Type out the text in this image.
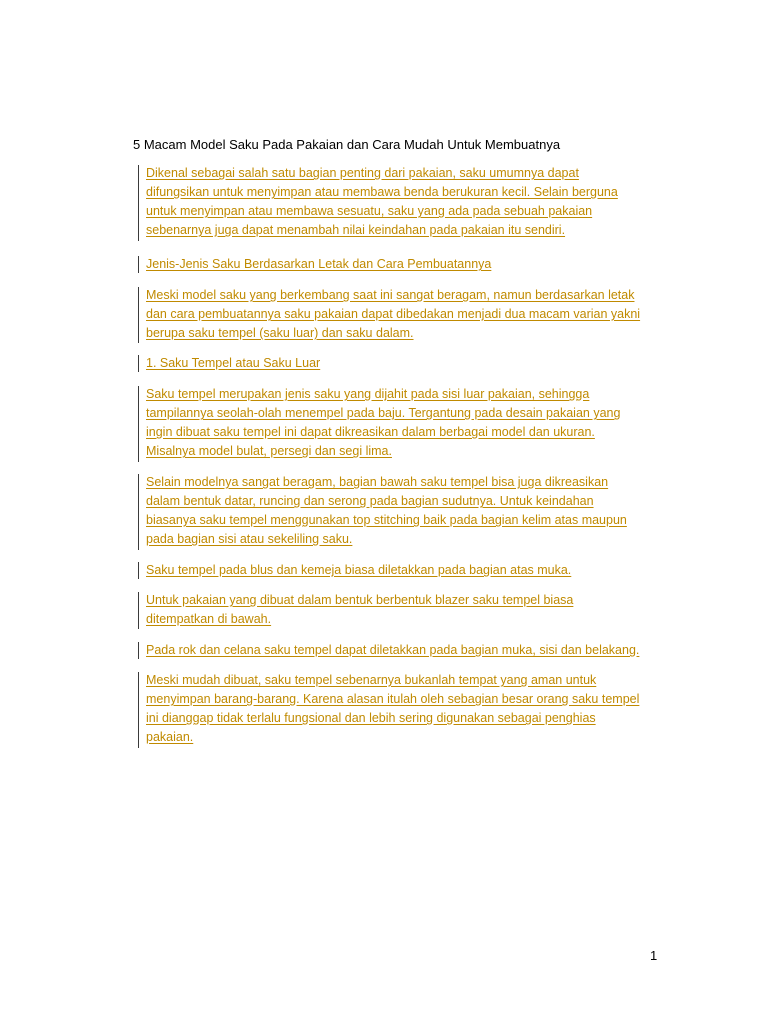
5 Macam Model Saku Pada Pakaian dan Cara Mudah Untuk Membuatnya
Dikenal sebagai salah satu bagian penting dari pakaian, saku umumnya dapat
difungsikan untuk menyimpan atau membawa benda berukuran kecil. Selain berguna
untuk menyimpan atau membawa sesuatu, saku yang ada pada sebuah pakaian
sebenarnya juga dapat menambah nilai keindahan pada pakaian itu sendiri.
Jenis-Jenis Saku Berdasarkan Letak dan Cara Pembuatannya
Meski model saku yang berkembang saat ini sangat beragam, namun berdasarkan letak
dan cara pembuatannya saku pakaian dapat dibedakan menjadi dua macam varian yakni
berupa saku tempel (saku luar) dan saku dalam.
1. Saku Tempel atau Saku Luar
Saku tempel merupakan jenis saku yang dijahit pada sisi luar pakaian, sehingga
tampilannya seolah-olah menempel pada baju. Tergantung pada desain pakaian yang
ingin dibuat saku tempel ini dapat dikreasikan dalam berbagai model dan ukuran.
Misalnya model bulat, persegi dan segi lima.
Selain modelnya sangat beragam, bagian bawah saku tempel bisa juga dikreasikan
dalam bentuk datar, runcing dan serong pada bagian sudutnya. Untuk keindahan
biasanya saku tempel menggunakan top stitching baik pada bagian kelim atas maupun
pada bagian sisi atau sekeliling saku.
Saku tempel pada blus dan kemeja biasa diletakkan pada bagian atas muka.
Untuk pakaian yang dibuat dalam bentuk berbentuk blazer saku tempel biasa
ditempatkan di bawah.
Pada rok dan celana saku tempel dapat diletakkan pada bagian muka, sisi dan belakang.
Meski mudah dibuat, saku tempel sebenarnya bukanlah tempat yang aman untuk
menyimpan barang-barang. Karena alasan itulah oleh sebagian besar orang saku tempel
ini dianggap tidak terlalu fungsional dan lebih sering digunakan sebagai penghias
pakaian.
1
